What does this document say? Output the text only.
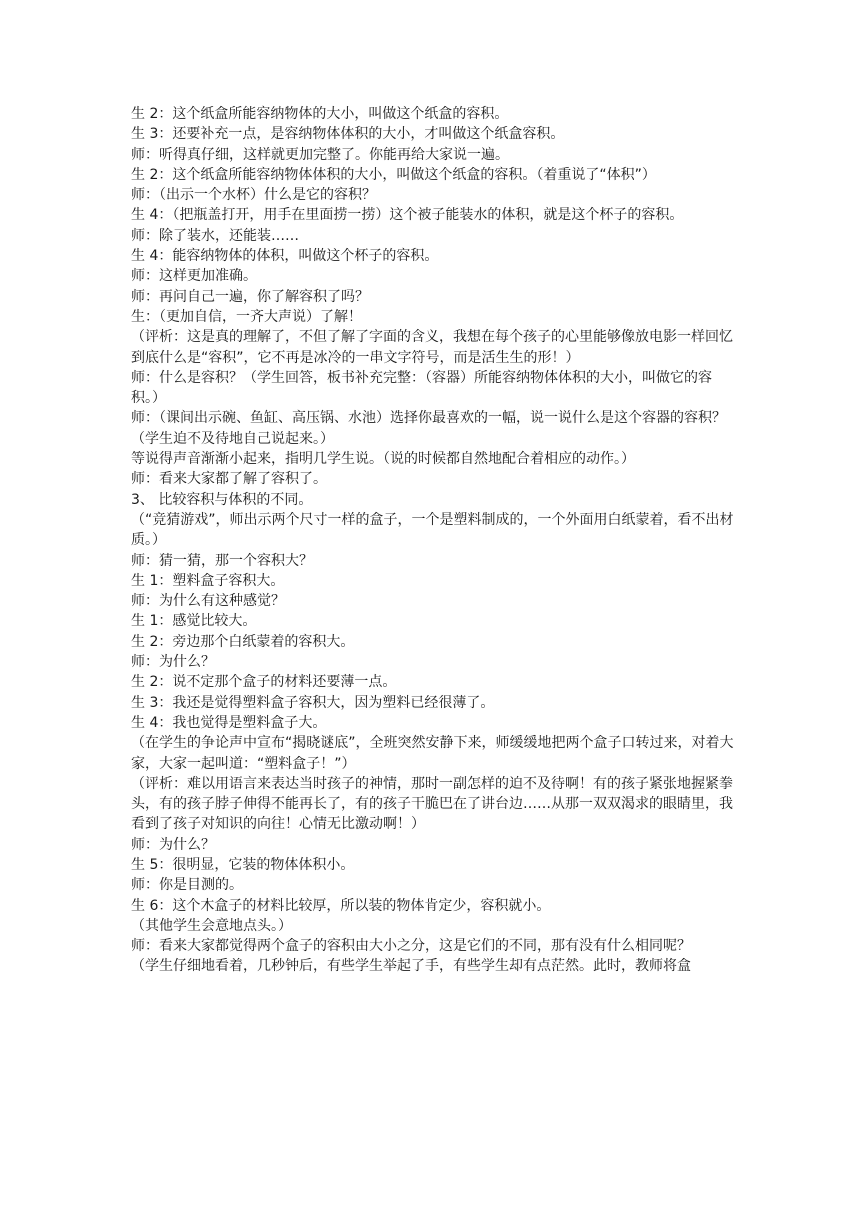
生 2：这个纸盒所能容纳物体的大小，叫做这个纸盒的容积。

生 3：还要补充一点，是容纳物体体积的大小，才叫做这个纸盒容积。

师：听得真仔细，这样就更加完整了。你能再给大家说一遍。

生 2：这个纸盒所能容纳物体体积的大小，叫做这个纸盒的容积。（着重说了“体积”）

师：（出示一个水杯）什么是它的容积？

生 4：（把瓶盖打开，用手在里面捞一捞）这个被子能装水的体积，就是这个杯子的容积。

师：除了装水，还能装……

生 4：能容纳物体的体积，叫做这个杯子的容积。

师：这样更加准确。

师：再问自己一遍，你了解容积了吗？

生：（更加自信，一齐大声说）了解！

（评析：这是真的理解了，不但了解了字面的含义，我想在每个孩子的心里能够像放电影一样回忆到底什么是“容积”，它不再是冰冷的一串文字符号，而是活生生的形！）

师：什么是容积？（学生回答，板书补充完整：（容器）所能容纳物体体积的大小，叫做它的容积。）

师：（课间出示碗、鱼缸、高压锅、水池）选择你最喜欢的一幅，说一说什么是这个容器的容积？

（学生迫不及待地自己说起来。）

等说得声音渐渐小起来，指明几学生说。（说的时候都自然地配合着相应的动作。）

师：看来大家都了解了容积了。

3、 比较容积与体积的不同。

（“竞猜游戏”，师出示两个尺寸一样的盒子，一个是塑料制成的，一个外面用白纸蒙着，看不出材质。）

师：猜一猜，那一个容积大？

生 1：塑料盒子容积大。

师：为什么有这种感觉？

生 1：感觉比较大。

生 2：旁边那个白纸蒙着的容积大。

师：为什么？

生 2：说不定那个盒子的材料还要薄一点。

生 3：我还是觉得塑料盒子容积大，因为塑料已经很薄了。

生 4：我也觉得是塑料盒子大。

（在学生的争论声中宣布“揭晓谜底”，全班突然安静下来，师缓缓地把两个盒子口转过来，对着大家，大家一起叫道：“塑料盒子！”）

（评析：难以用语言来表达当时孩子的神情，那时一副怎样的迫不及待啊！有的孩子紧张地握紧拳头，有的孩子脖子伸得不能再长了，有的孩子干脆巴在了讲台边……从那一双双渴求的眼睛里，我看到了孩子对知识的向往！心情无比激动啊！）

师：为什么？

生 5：很明显，它装的物体体积小。

师：你是目测的。

生 6：这个木盒子的材料比较厚，所以装的物体肯定少，容积就小。

（其他学生会意地点头。）

师：看来大家都觉得两个盒子的容积由大小之分，这是它们的不同，那有没有什么相同呢？

（学生仔细地看着，几秒钟后，有些学生举起了手，有些学生却有点茫然。此时，教师将盒
